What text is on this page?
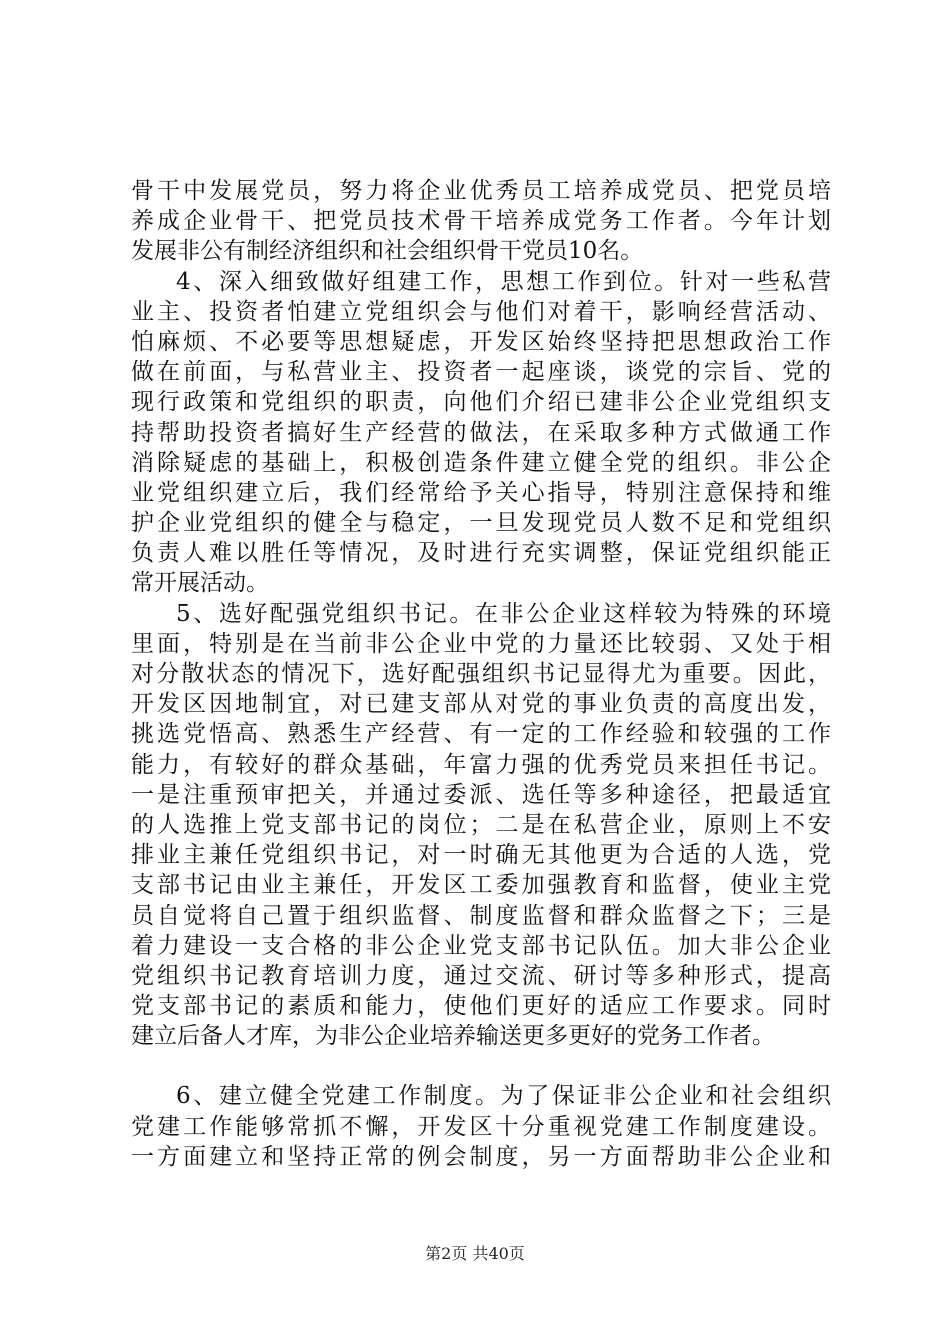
骨干中发展党员，努力将企业优秀员工培养成党员、把党员培
养成企业骨干、把党员技术骨干培养成党务工作者。今年计划
发展非公有制经济组织和社会组织骨干党员10名。
4、深入细致做好组建工作，思想工作到位。针对一些私营
业主、投资者怕建立党组织会与他们对着干，影响经营活动、
怕麻烦、不必要等思想疑虑，开发区始终坚持把思想政治工作
做在前面，与私营业主、投资者一起座谈，谈党的宗旨、党的
现行政策和党组织的职责，向他们介绍已建非公企业党组织支
持帮助投资者搞好生产经营的做法，在采取多种方式做通工作
消除疑虑的基础上，积极创造条件建立健全党的组织。非公企
业党组织建立后，我们经常给予关心指导，特别注意保持和维
护企业党组织的健全与稳定，一旦发现党员人数不足和党组织
负责人难以胜任等情况，及时进行充实调整，保证党组织能正
常开展活动。
5、选好配强党组织书记。在非公企业这样较为特殊的环境
里面，特别是在当前非公企业中党的力量还比较弱、又处于相
对分散状态的情况下，选好配强组织书记显得尤为重要。因此，
开发区因地制宜，对已建支部从对党的事业负责的高度出发，
挑选党悟高、熟悉生产经营、有一定的工作经验和较强的工作
能力，有较好的群众基础，年富力强的优秀党员来担任书记。
一是注重预审把关，并通过委派、选任等多种途径，把最适宜
的人选推上党支部书记的岗位；二是在私营企业，原则上不安
排业主兼任党组织书记，对一时确无其他更为合适的人选，党
支部书记由业主兼任，开发区工委加强教育和监督，使业主党
员自觉将自己置于组织监督、制度监督和群众监督之下；三是
着力建设一支合格的非公企业党支部书记队伍。加大非公企业
党组织书记教育培训力度，通过交流、研讨等多种形式，提高
党支部书记的素质和能力，使他们更好的适应工作要求。同时
建立后备人才库，为非公企业培养输送更多更好的党务工作者。
6、建立健全党建工作制度。为了保证非公企业和社会组织
党建工作能够常抓不懈，开发区十分重视党建工作制度建设。
一方面建立和坚持正常的例会制度，另一方面帮助非公企业和
第2页 共40页
